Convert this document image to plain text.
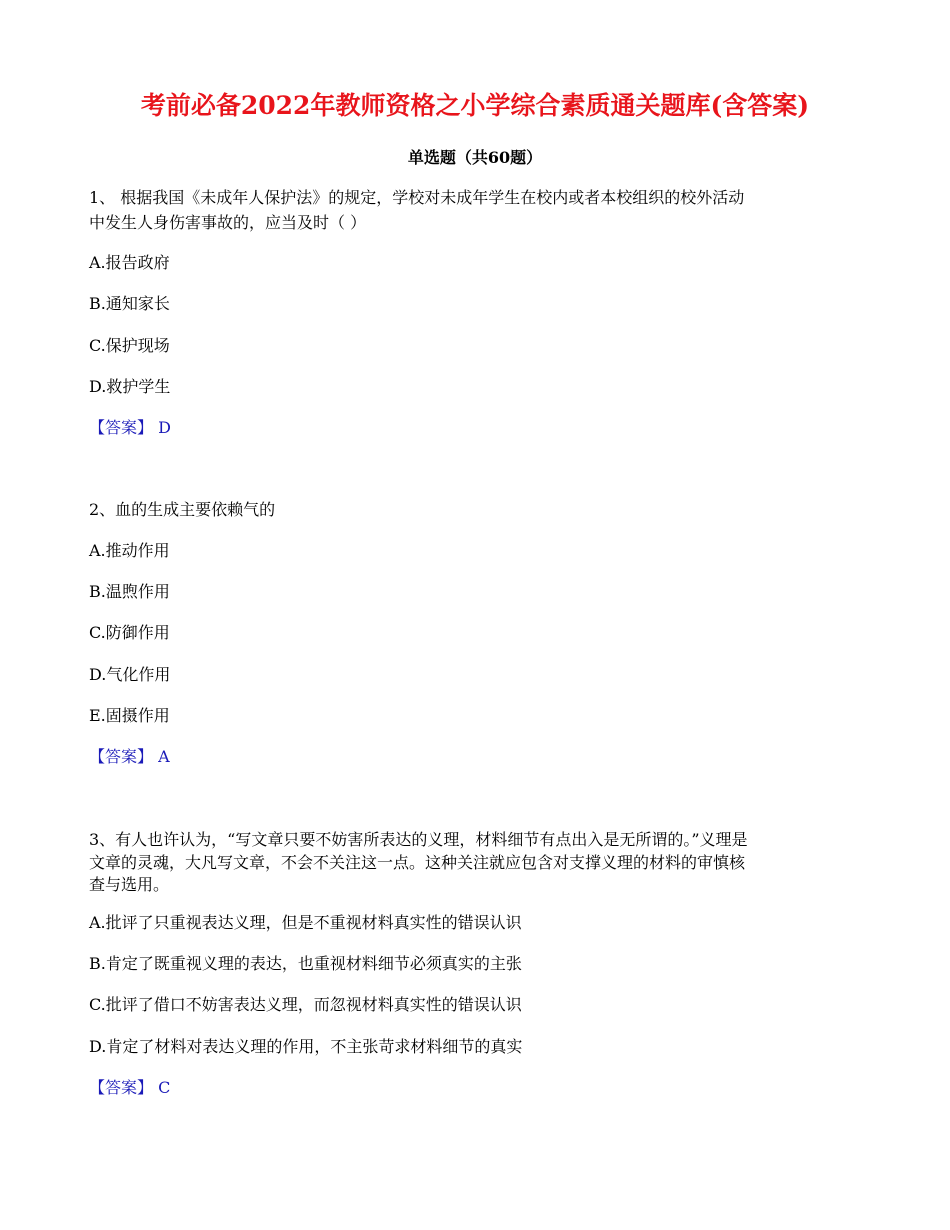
考前必备2022年教师资格之小学综合素质通关题库(含答案)
单选题（共60题）
1、 根据我国《未成年人保护法》的规定，学校对未成年学生在校内或者本校组织的校外活动
中发生人身伤害事故的，应当及时（ ）
A.报告政府
B.通知家长
C.保护现场
D.救护学生
【答案】 D
2、血的生成主要依赖气的
A.推动作用
B.温煦作用
C.防御作用
D.气化作用
E.固摄作用
【答案】 A
3、有人也许认为，“写文章只要不妨害所表达的义理，材料细节有点出入是无所谓的。”义理是
文章的灵魂，大凡写文章，不会不关注这一点。这种关注就应包含对支撑义理的材料的审慎核
查与选用。
A.批评了只重视表达义理，但是不重视材料真实性的错误认识
B.肯定了既重视义理的表达，也重视材料细节必须真实的主张
C.批评了借口不妨害表达义理，而忽视材料真实性的错误认识
D.肯定了材料对表达义理的作用，不主张苛求材料细节的真实
【答案】 C
